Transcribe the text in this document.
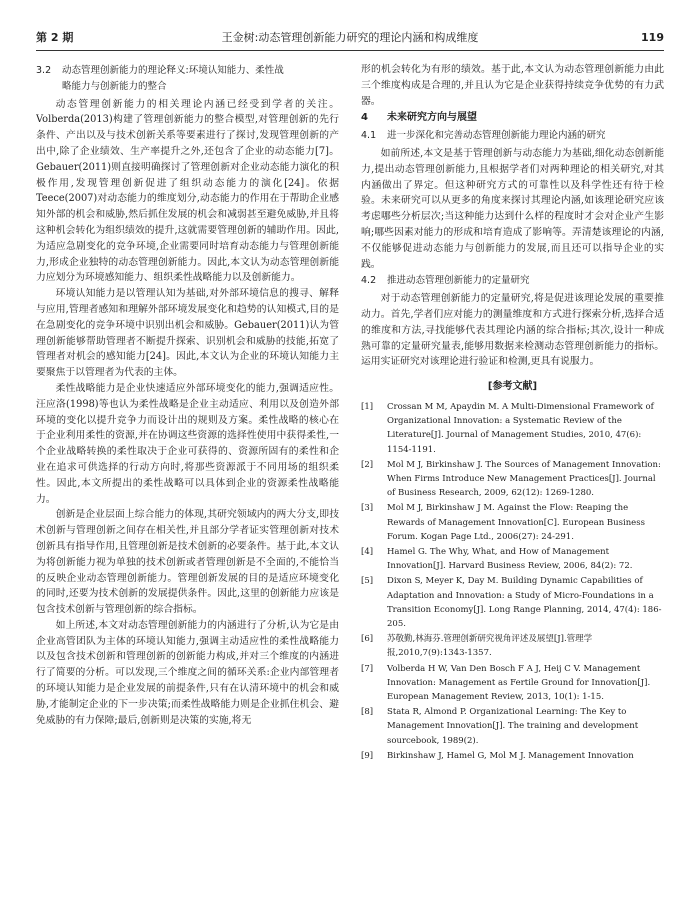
第 2 期	王金树:动态管理创新能力研究的理论内涵和构成维度	119
3.2 动态管理创新能力的理论释义:环境认知能力、柔性战
略能力与创新能力的整合

动态管理创新能力的相关理论内涵已经受到学者的关注。Volberda(2013)构建了管理创新能力的整合模型,对管理创新的先行条件、产出以及与技术创新关系等要素进行了探讨,发现管理创新的产出中,除了企业绩效、生产率提升之外,还包含了企业的动态能力[7]。Gebauer(2011)则直接明确探讨了管理创新对企业动态能力演化的积极作用,发现管理创新促进了组织动态能力的演化[24]。依据Teece(2007)对动态能力的维度划分,动态能力的作用在于帮助企业感知外部的机会和威胁,然后抓住发展的机会和减弱甚至避免威胁,并且将这种机会转化为组织绩效的提升,这就需要管理创新的辅助作用。因此,为适应急剧变化的竞争环境,企业需要同时培育动态能力与管理创新能力,形成企业独特的动态管理创新能力。因此,本文认为动态管理创新能力应划分为环境感知能力、组织柔性战略能力以及创新能力。

环境认知能力是以管理认知为基础,对外部环境信息的搜寻、解释与应用,管理者感知和理解外部环境发展变化和趋势的认知模式,目的是在急剧变化的竞争环境中识别出机会和威胁。Gebauer(2011)认为管理创新能够帮助管理者不断提升探索、识别机会和威胁的技能,拓宽了管理者对机会的感知能力[24]。因此,本文认为企业的环境认知能力主要聚焦于以管理者为代表的主体。

柔性战略能力是企业快速适应外部环境变化的能力,强调适应性。汪应洛(1998)等也认为柔性战略是企业主动适应、利用以及创造外部环境的变化以提升竞争力而设计出的规则及方案。柔性战略的核心在于企业利用柔性的资源,并在协调这些资源的选择性使用中获得柔性,一个企业战略转换的柔性取决于企业可获得的、资源所固有的柔性和企业在追求可供选择的行动方向时,将那些资源派于不同用场的组织柔性。因此,本文所提出的柔性战略可以具体到企业的资源柔性战略能力。

创新是企业层面上综合能力的体现,其研究领域内的两大分支,即技术创新与管理创新之间存在相关性,并且部分学者证实管理创新对技术创新具有指导作用,且管理创新是技术创新的必要条件。基于此,本文认为将创新能力视为单独的技术创新或者管理创新是不全面的,不能恰当的反映企业动态管理创新能力。管理创新发展的目的是适应环境变化的同时,还要为技术创新的发展提供条件。因此,这里的创新能力应该是包含技术创新与管理创新的综合指标。

如上所述,本文对动态管理创新能力的内涵进行了分析,认为它是由企业高管团队为主体的环境认知能力,强调主动适应性的柔性战略能力以及包含技术创新和管理创新的创新能力构成,并对三个维度的内涵进行了简要的分析。可以发现,三个维度之间的循环关系:企业内部管理者的环境认知能力是企业发展的前提条件,只有在认清环境中的机会和威胁,才能制定企业的下一步决策;而柔性战略能力则是企业抓住机会、避免威胁的有力保障;最后,创新则是决策的实施,将无

形的机会转化为有形的绩效。基于此,本文认为动态管理创新能力由此三个维度构成是合理的,并且认为它是企业获得持续竞争优势的有力武器。

4 未来研究方向与展望
4.1 进一步深化和完善动态管理创新能力理论内涵的研究

如前所述,本文是基于管理创新与动态能力为基础,细化动态创新能力,提出动态管理创新能力,且根据学者们对两种理论的相关研究,对其内涵做出了界定。但这种研究方式的可靠性以及科学性还有待于检验。未来研究可以从更多的角度来探讨其理论内涵,如该理论研究应该考虑哪些分析层次;当这种能力达到什么样的程度时才会对企业产生影响;哪些因素对能力的形成和培育造成了影响等。弄清楚该理论的内涵,不仅能够促进动态能力与创新能力的发展,而且还可以指导企业的实践。

4.2 推进动态管理创新能力的定量研究

对于动态管理创新能力的定量研究,将是促进该理论发展的重要推动力。首先,学者们应对能力的测量维度和方式进行探索分析,选择合适的维度和方法,寻找能够代表其理论内涵的综合指标;其次,设计一种成熟可靠的定量研究量表,能够用数据来检测动态管理创新能力的指标。运用实证研究对该理论进行验证和检测,更具有说服力。

[参考文献]
[1]	Crossan M M, Apaydin M. A Multi-Dimensional Framework of Organizational Innovation: a Systematic Review of the Literature[J]. Journal of Management Studies, 2010, 47(6): 1154-1191.
[2]	Mol M J, Birkinshaw J. The Sources of Management Innovation: When Firms Introduce New Management Practices[J]. Journal of Business Research, 2009, 62(12): 1269-1280.
[3]	Mol M J, Birkinshaw J M. Against the Flow: Reaping the Rewards of Management Innovation[C]. European Business Forum. Kogan Page Ltd., 2006(27): 24-291.
[4]	Hamel G. The Why, What, and How of Management Innovation[J]. Harvard Business Review, 2006, 84(2): 72.
[5]	Dixon S, Meyer K, Day M. Building Dynamic Capabilities of Adaptation and Innovation: a Study of Micro-Foundations in a Transition Economy[J]. Long Range Planning, 2014, 47(4): 186-205.
[6]	苏敬勤,林海芬.管理创新研究视角评述及展望[J].管理学报,2010,7(9):1343-1357.
[7]	Volberda H W, Van Den Bosch F A J, Heij C V. Management Innovation: Management as Fertile Ground for Innovation[J]. European Management Review, 2013, 10(1): 1-15.
[8]	Stata R, Almond P. Organizational Learning: The Key to Management Innovation[J]. The training and development sourcebook, 1989(2).
[9]	Birkinshaw J, Hamel G, Mol M J. Management Innovation
